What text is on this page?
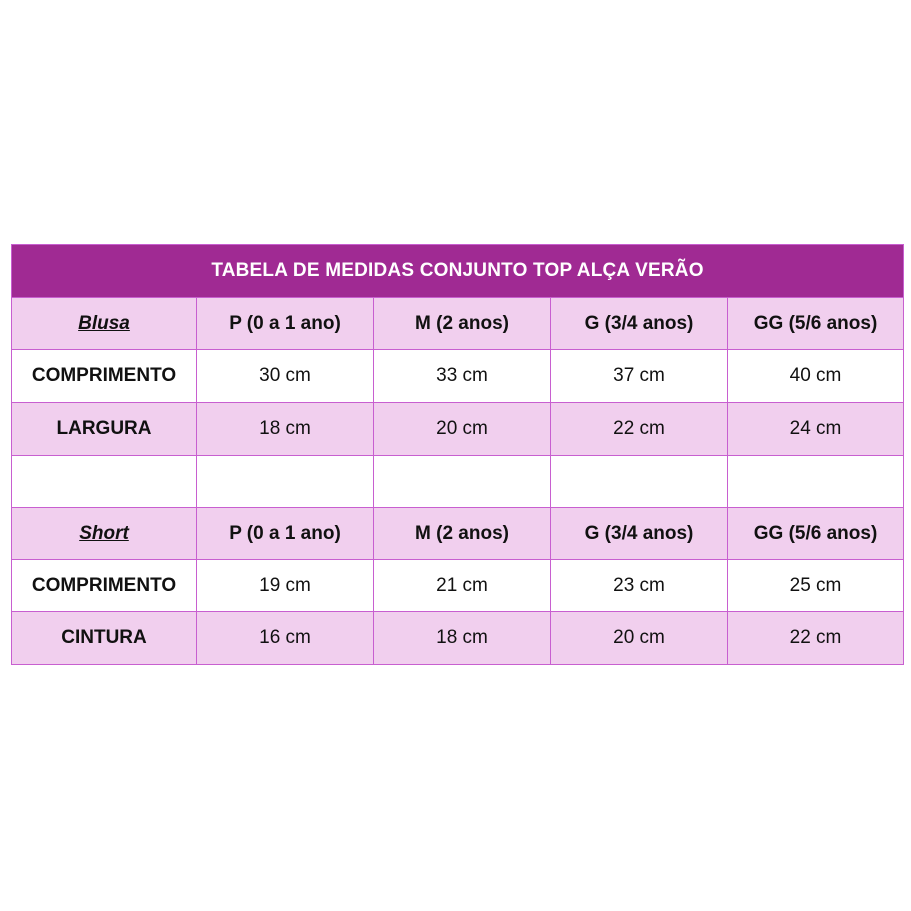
TABELA DE MEDIDAS CONJUNTO TOP ALÇA VERÃO				
Blusa	P (0 a 1 ano)	M (2 anos)	G (3/4 anos)	GG (5/6 anos)
COMPRIMENTO	30 cm	33 cm	37 cm	40 cm
LARGURA	18 cm	20 cm	22 cm	24 cm

Short	P (0 a 1 ano)	M (2 anos)	G (3/4 anos)	GG (5/6 anos)
COMPRIMENTO	19 cm	21 cm	23 cm	25 cm
CINTURA	16 cm	18 cm	20 cm	22 cm
